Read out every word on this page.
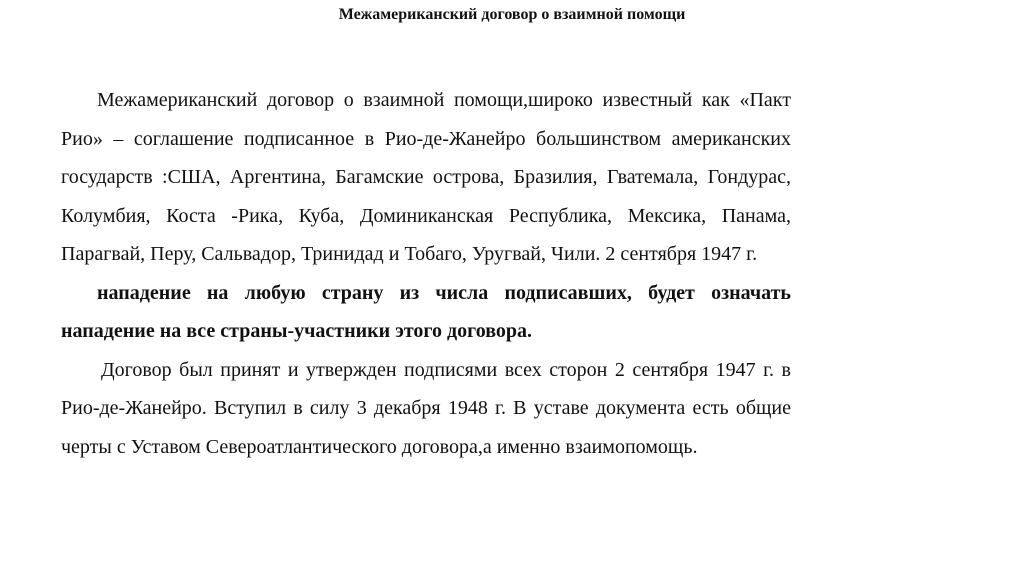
Межамериканский договор о взаимной помощи

Межамериканский договор о взаимной помощи,широко известный как «Пакт Рио» – соглашение подписанное в Рио-де-Жанейро большинством американских государств :США, Аргентина, Багамские острова, Бразилия, Гватемала, Гондурас, Колумбия, Коста -Рика, Куба, Доминиканская Республика, Мексика, Панама, Парагвай, Перу, Сальвадор, Тринидад и Тобаго, Уругвай, Чили. 2 сентября 1947 г.

нападение на любую страну из числа подписавших, будет означать нападение на все страны-участники этого договора.

Договор был принят и утвержден подписями всех сторон 2 сентября 1947 г. в Рио-де-Жанейро. Вступил в силу 3 декабря 1948 г. В уставе документа есть общие черты с Уставом Североатлантического договора,а именно взаимопомощь.
